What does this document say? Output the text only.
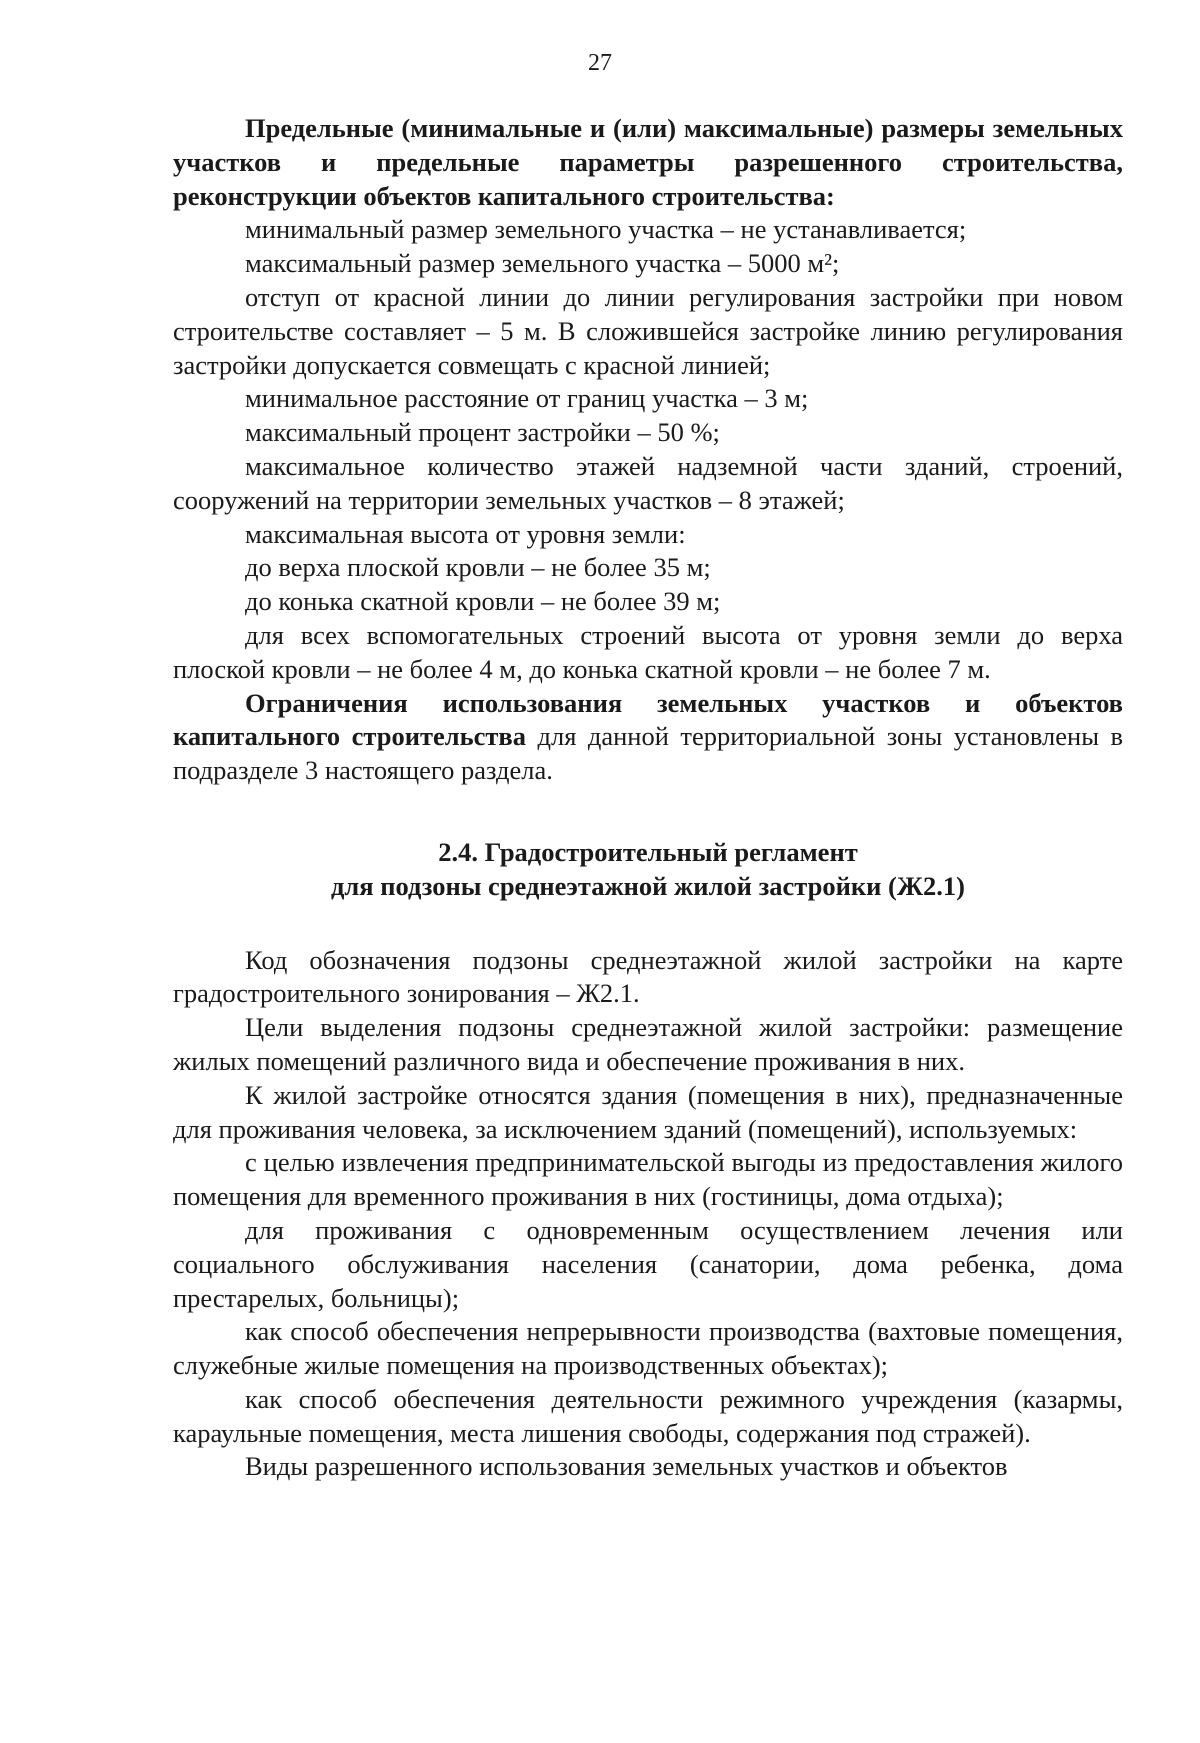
27

Предельные (минимальные и (или) максимальные) размеры земельных участков и предельные параметры разрешенного строительства, реконструкции объектов капитального строительства:

минимальный размер земельного участка – не устанавливается;

максимальный размер земельного участка – 5000 м²;

отступ от красной линии до линии регулирования застройки при новом строительстве составляет – 5 м. В сложившейся застройке линию регулирования застройки допускается совмещать с красной линией;

минимальное расстояние от границ участка – 3 м;

максимальный процент застройки – 50 %;

максимальное количество этажей надземной части зданий, строений, сооружений на территории земельных участков – 8 этажей;

максимальная высота от уровня земли:

до верха плоской кровли – не более 35 м;

до конька скатной кровли – не более 39 м;

для всех вспомогательных строений высота от уровня земли до верха плоской кровли – не более 4 м, до конька скатной кровли – не более 7 м.

Ограничения использования земельных участков и объектов капитального строительства для данной территориальной зоны установлены в подразделе 3 настоящего раздела.

2.4. Градостроительный регламент
для подзоны среднеэтажной жилой застройки (Ж2.1)

Код обозначения подзоны среднеэтажной жилой застройки на карте градостроительного зонирования – Ж2.1.

Цели выделения подзоны среднеэтажной жилой застройки: размещение жилых помещений различного вида и обеспечение проживания в них.

К жилой застройке относятся здания (помещения в них), предназначенные для проживания человека, за исключением зданий (помещений), используемых:

с целью извлечения предпринимательской выгоды из предоставления жилого помещения для временного проживания в них (гостиницы, дома отдыха);

для проживания с одновременным осуществлением лечения или социального обслуживания населения (санатории, дома ребенка, дома престарелых, больницы);

как способ обеспечения непрерывности производства (вахтовые помещения, служебные жилые помещения на производственных объектах);

как способ обеспечения деятельности режимного учреждения (казармы, караульные помещения, места лишения свободы, содержания под стражей).

Виды разрешенного использования земельных участков и объектов
